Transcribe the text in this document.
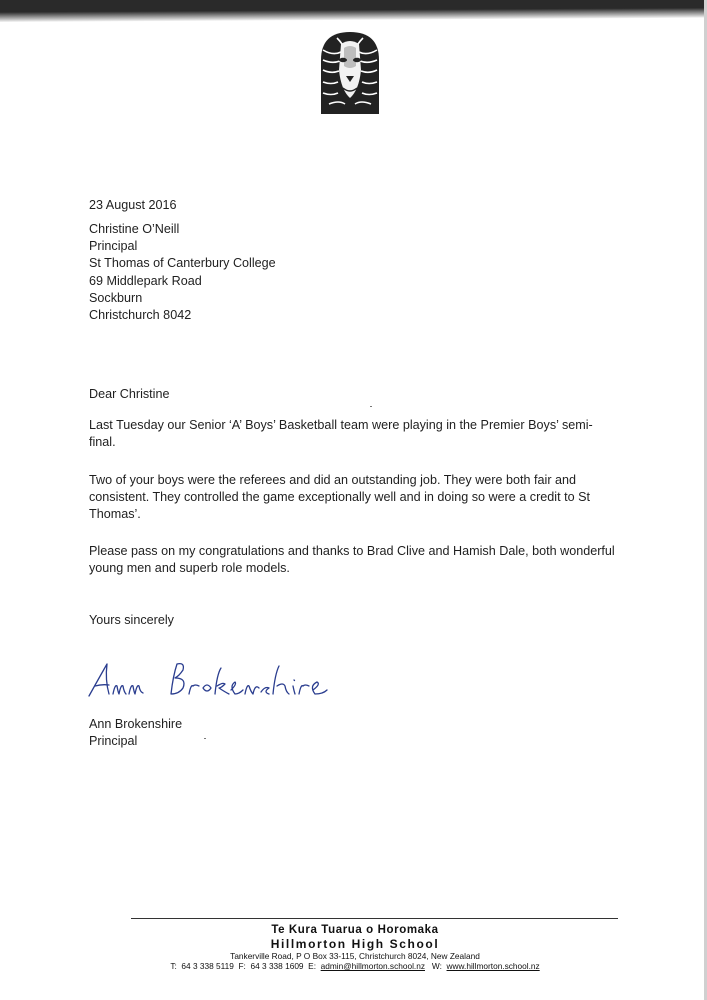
23 August 2016
Christine O’Neill
Principal
St Thomas of Canterbury College
69 Middlepark Road
Sockburn
Christchurch 8042
Dear Christine
Last Tuesday our Senior ‘A’ Boys’ Basketball team were playing in the Premier Boys’ semi-final.
Two of your boys were the referees and did an outstanding job. They were both fair and consistent. They controlled the game exceptionally well and in doing so were a credit to St Thomas’.
Please pass on my congratulations and thanks to Brad Clive and Hamish Dale, both wonderful young men and superb role models.
Yours sincerely
Ann Brokenshire
Principal
Te Kura Tuarua o Horomaka
Hillmorton High School
Tankerville Road, P O Box 33-115, Christchurch 8024, New Zealand
T: 64 3 338 5119 F: 64 3 338 1609 E: admin@hillmorton.school.nz W: www.hillmorton.school.nz
